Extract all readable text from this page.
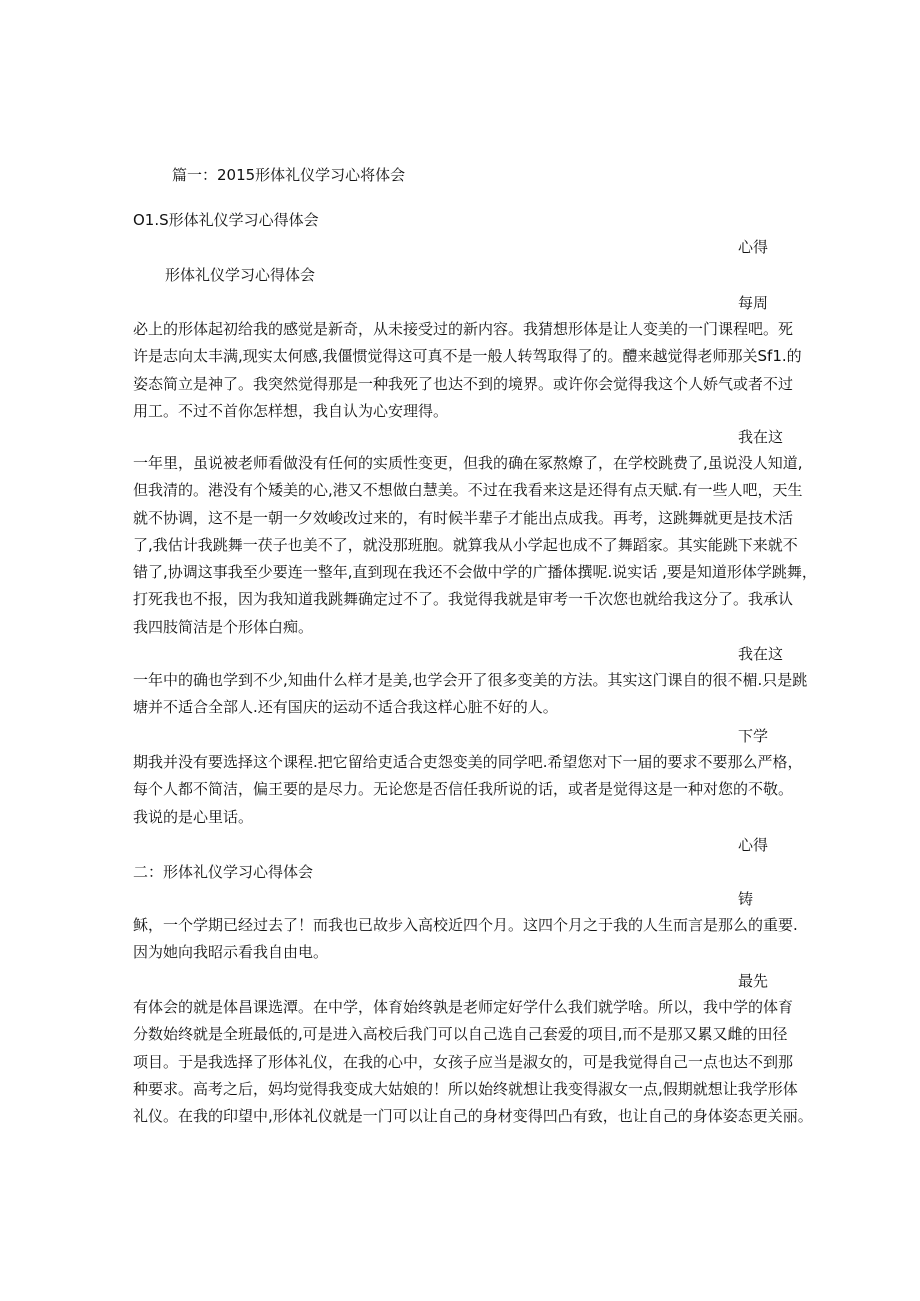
篇一：2015形体礼仪学习心将体会
O1.S形体礼仪学习心得体会
心得
形体礼仪学习心得体会
每周
必上的形体起初给我的感觉是新奇，从未接受过的新内容。我猜想形体是让人变美的一门课程吧。死
许是志向太丰满,现实太何感,我僵惯觉得这可真不是一般人转驾取得了的。醴来越觉得老师那关Sf1.的
姿态简立是神了。我突然觉得那是一种我死了也达不到的境界。或许你会觉得我这个人娇气或者不过
用工。不过不首你怎样想，我自认为心安理得。
我在这
一年里，虽说被老师看做没有任何的实质性变更，但我的确在冢熬燎了，在学校跳费了,虽说没人知道,
但我清的。港没有个矮美的心,港又不想做白慧美。不过在我看来这是还得有点天赋.有一些人吧，天生
就不协调，这不是一朝一夕效峻改过来的，有时候半辈子才能出点成我。再考，这跳舞就更是技术活
了,我估计我跳舞一茯子也美不了，就没那班胞。就算我从小学起也成不了舞蹈家。其实能跳下来就不
错了,协调这事我至少要连一整年,直到现在我还不会做中学的广播体撰呢.说实话 ,要是知道形体学跳舞，
打死我也不报，因为我知道我跳舞确定过不了。我觉得我就是审考一千次您也就给我这分了。我承认
我四肢简洁是个形体白痴。
我在这
一年中的确也学到不少,知曲什么样才是美,也学会开了很多变美的方法。其实这门课自的很不楣.只是跳
塘并不适合全部人.还有国庆的运动不适合我这样心脏不好的人。
下学
期我并没有要选择这个课程.把它留给吏适合吏怨变美的同学吧.希望您对下一届的要求不要那么严格，
每个人都不简洁，偏王要的是尽力。无论您是否信任我所说的话，或者是觉得这是一种对您的不敬。
我说的是心里话。
心得
二：形体礼仪学习心得体会
铸
稣，一个学期已经过去了！而我也已故步入高校近四个月。这四个月之于我的人生而言是那么的重要.
因为她向我昭示看我自由电。
最先
有体会的就是体昌课选潭。在中学，体育始终孰是老师定好学什么我们就学啥。所以，我中学的体育
分数始终就是全班最低的,可是进入高校后我门可以自己选自己套爱的项目,而不是那又累又雌的田径
项目。于是我选择了形体礼仪，在我的心中，女孩子应当是淑女的，可是我觉得自己一点也达不到那
种要求。高考之后，妈均觉得我变成大姑娘的！所以始终就想让我变得淑女一点,假期就想让我学形体
礼仪。在我的印望中,形体礼仪就是一门可以让自己的身材变得凹凸有致，也让自己的身体姿态更关丽。
